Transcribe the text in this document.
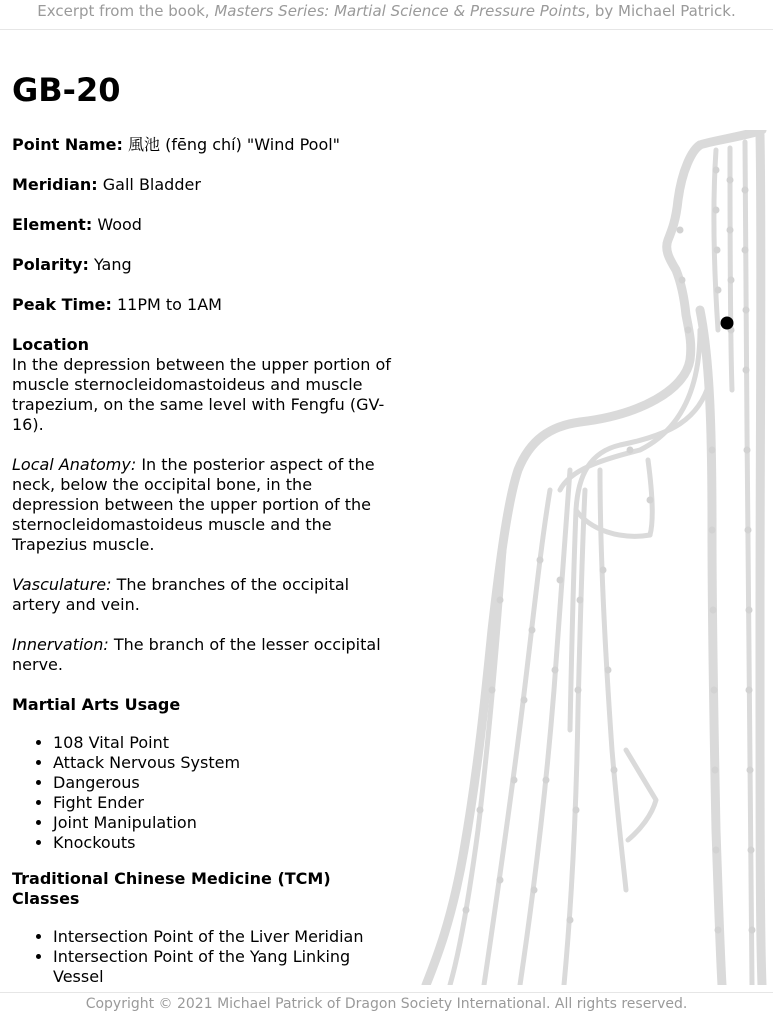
Excerpt from the book, Masters Series: Martial Science & Pressure Points, by Michael Patrick.
GB-20
Point Name: 風池 (fēng chí) "Wind Pool"
Meridian: Gall Bladder
Element: Wood
Polarity: Yang
Peak Time: 11PM to 1AM
Location
In the depression between the upper portion of muscle sternocleidomastoideus and muscle trapezium, on the same level with Fengfu (GV-16).
Local Anatomy: In the posterior aspect of the neck, below the occipital bone, in the depression between the upper portion of the sternocleidomastoideus muscle and the Trapezius muscle.
Vasculature: The branches of the occipital artery and vein.
Innervation: The branch of the lesser occipital nerve.
Martial Arts Usage
• 108 Vital Point
• Attack Nervous System
• Dangerous
• Fight Ender
• Joint Manipulation
• Knockouts
Traditional Chinese Medicine (TCM) Classes
• Intersection Point of the Liver Meridian
• Intersection Point of the Yang Linking Vessel
Copyright © 2021 Michael Patrick of Dragon Society International. All rights reserved.
